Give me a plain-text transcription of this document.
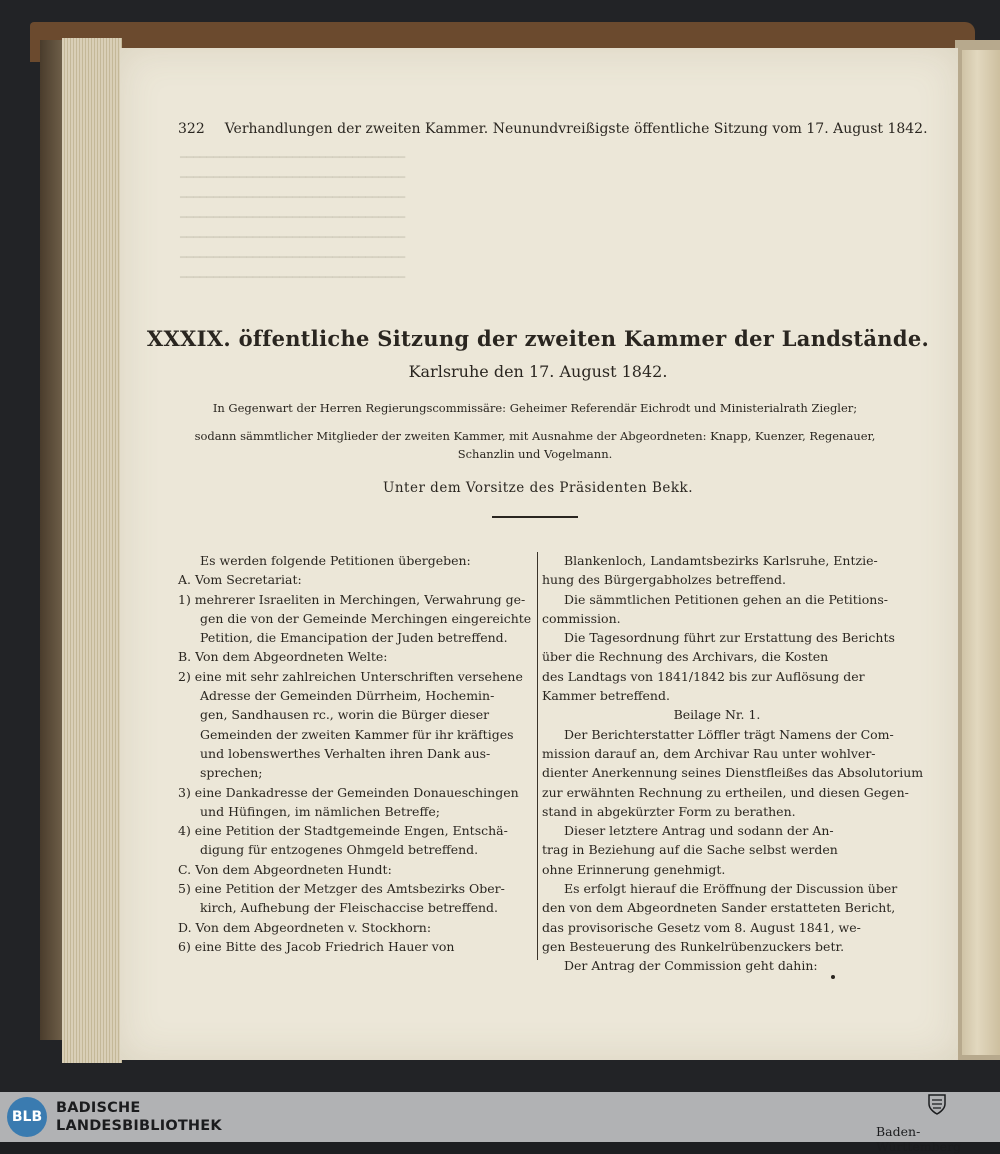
━━━━━━━━━━━━━━━━━━━━━━━━━━━━━━━━━━
━━━━━━━━━━━━━━━━━━━━━━━━━━━━━━━━━━
━━━━━━━━━━━━━━━━━━━━━━━━━━━━━━━━━━
━━━━━━━━━━━━━━━━━━━━━━━━━━━━━━━━━━
━━━━━━━━━━━━━━━━━━━━━━━━━━━━━━━━━━
━━━━━━━━━━━━━━━━━━━━━━━━━━━━━━━━━━
━━━━━━━━━━━━━━━━━━━━━━━━━━━━━━━━━━
322 Verhandlungen der zweiten Kammer. Neunundvreißigste öffentliche Sitzung vom 17. August 1842.
XXXIX. öffentliche Sitzung der zweiten Kammer der Landstände.
Karlsruhe den 17. August 1842.
In Gegenwart der Herren Regierungscommissäre: Geheimer Referendär Eichrodt und Ministerialrath Ziegler;
sodann sämmtlicher Mitglieder der zweiten Kammer, mit Ausnahme der Abgeordneten: Knapp, Kuenzer, Regenauer,
Schanzlin und Vogelmann.
Unter dem Vorsitze des Präsidenten Bekk.

Es werden folgende Petitionen übergeben:

A. Vom Secretariat:

1) mehrerer Israeliten in Merchingen, Verwahrung ge-

gen die von der Gemeinde Merchingen eingereichte

Petition, die Emancipation der Juden betreffend.

B. Von dem Abgeordneten Welte:

2) eine mit sehr zahlreichen Unterschriften versehene

Adresse der Gemeinden Dürrheim, Hochemin-

gen, Sandhausen rc., worin die Bürger dieser

Gemeinden der zweiten Kammer für ihr kräftiges

und lobenswerthes Verhalten ihren Dank aus-

sprechen;

3) eine Dankadresse der Gemeinden Donaueschingen

und Hüfingen, im nämlichen Betreffe;

4) eine Petition der Stadtgemeinde Engen, Entschä-

digung für entzogenes Ohmgeld betreffend.

C. Von dem Abgeordneten Hundt:

5) eine Petition der Metzger des Amtsbezirks Ober-

kirch, Aufhebung der Fleischaccise betreffend.

D. Von dem Abgeordneten v. Stockhorn:

6) eine Bitte des Jacob Friedrich Hauer von

Blankenloch, Landamtsbezirks Karlsruhe, Entzie-

hung des Bürgergabholzes betreffend.

Die sämmtlichen Petitionen gehen an die Petitions-

commission.

Die Tagesordnung führt zur Erstattung des Berichts

über die Rechnung des Archivars, die Kosten

des Landtags von 1841/1842 bis zur Auflösung der

Kammer betreffend.

Beilage Nr. 1.

Der Berichterstatter Löffler trägt Namens der Com-

mission darauf an, dem Archivar Rau unter wohlver-

dienter Anerkennung seines Dienstfleißes das Absolutorium

zur erwähnten Rechnung zu ertheilen, und diesen Gegen-

stand in abgekürzter Form zu berathen.

Dieser letztere Antrag und sodann der An-

trag in Beziehung auf die Sache selbst werden

ohne Erinnerung genehmigt.

Es erfolgt hierauf die Eröffnung der Discussion über

den von dem Abgeordneten Sander erstatteten Bericht,

das provisorische Gesetz vom 8. August 1841, we-

gen Besteuerung des Runkelrübenzuckers betr.

Der Antrag der Commission geht dahin:

BLB
BADISCHE
LANDESBIBLIOTHEK	Baden-Württemberg
